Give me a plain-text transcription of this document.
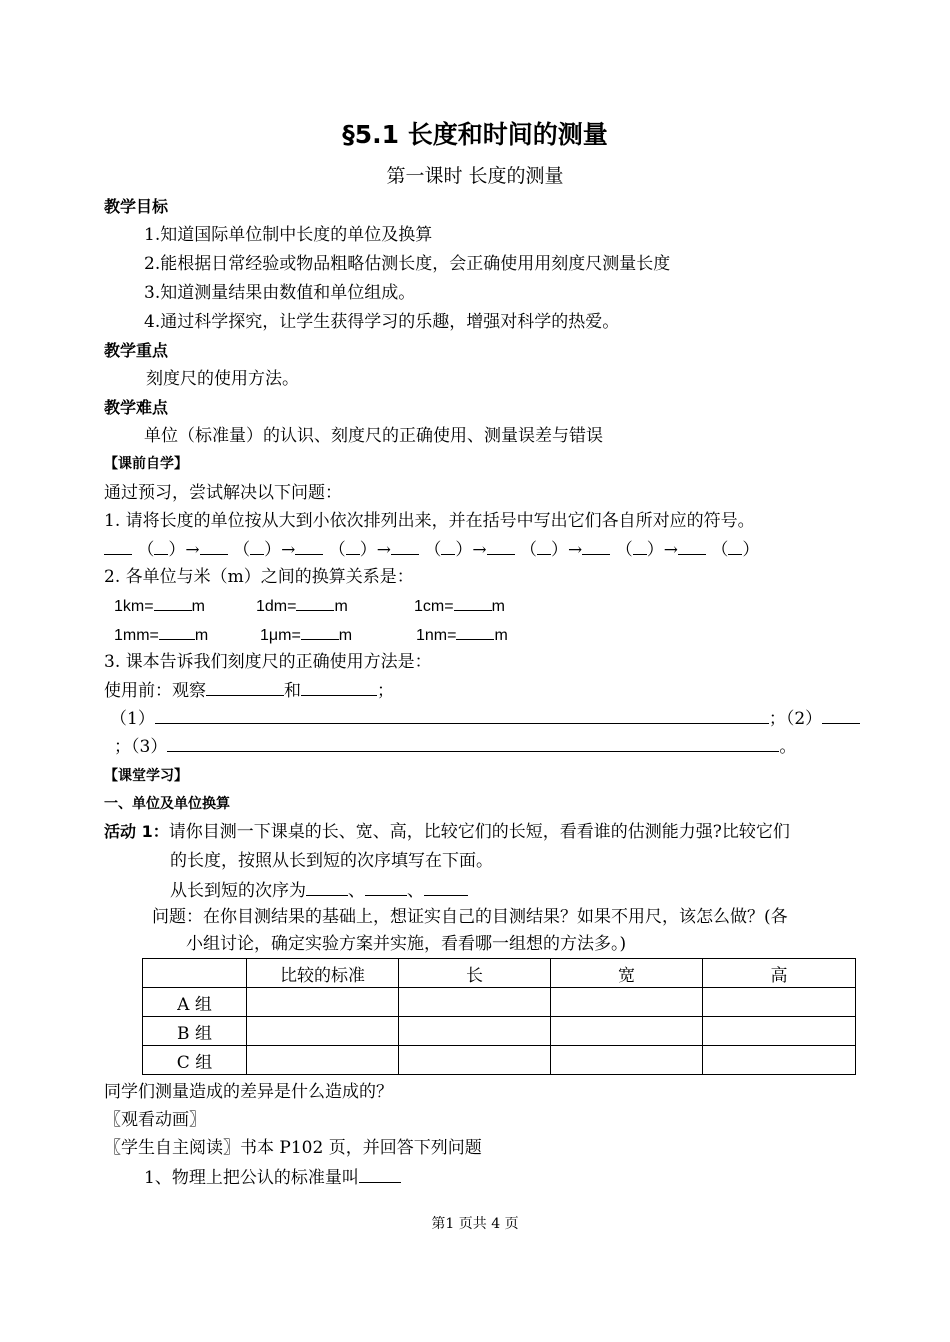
§5.1 长度和时间的测量
第一课时 长度的测量
教学目标
1.知道国际单位制中长度的单位及换算
2.能根据日常经验或物品粗略估测长度，会正确使用用刻度尺测量长度
3.知道测量结果由数值和单位组成。
4.通过科学探究，让学生获得学习的乐趣，增强对科学的热爱。
教学重点
刻度尺的使用方法。
教学难点
单位（标准量）的认识、刻度尺的正确使用、测量误差与错误
【课前自学】
通过预习，尝试解决以下问题：
1. 请将长度的单位按从大到小依次排列出来，并在括号中写出它们各自所对应的符号。
（ ）→ （ ）→ （ ）→ （ ）→ （ ）→ （ ）→ （ ）
2. 各单位与米（m）之间的换算关系是：
1km= m	1dm= m	1cm= m
1mm= m	1μm= m	1nm= m
3. 课本告诉我们刻度尺的正确使用方法是：
使用前：观察	和	；
（1）	；（2）
；（3）	。
【课堂学习】
一、单位及单位换算
活动 1：请你目测一下课桌的长、宽、高，比较它们的长短，看看谁的估测能力强?比较它们
的长度，按照从长到短的次序填写在下面。
从长到短的次序为 、 、
问题：在你目测结果的基础上，想证实自己的目测结果？如果不用尺，该怎么做？(各
小组讨论，确定实验方案并实施，看看哪一组想的方法多。)
	比较的标准	长	宽	高
A 组				
B 组				
C 组				
同学们测量造成的差异是什么造成的？
〖观看动画〗
〖学生自主阅读〗书本 P102 页，并回答下列问题
1、物理上把公认的标准量叫
第1 页共 4 页
